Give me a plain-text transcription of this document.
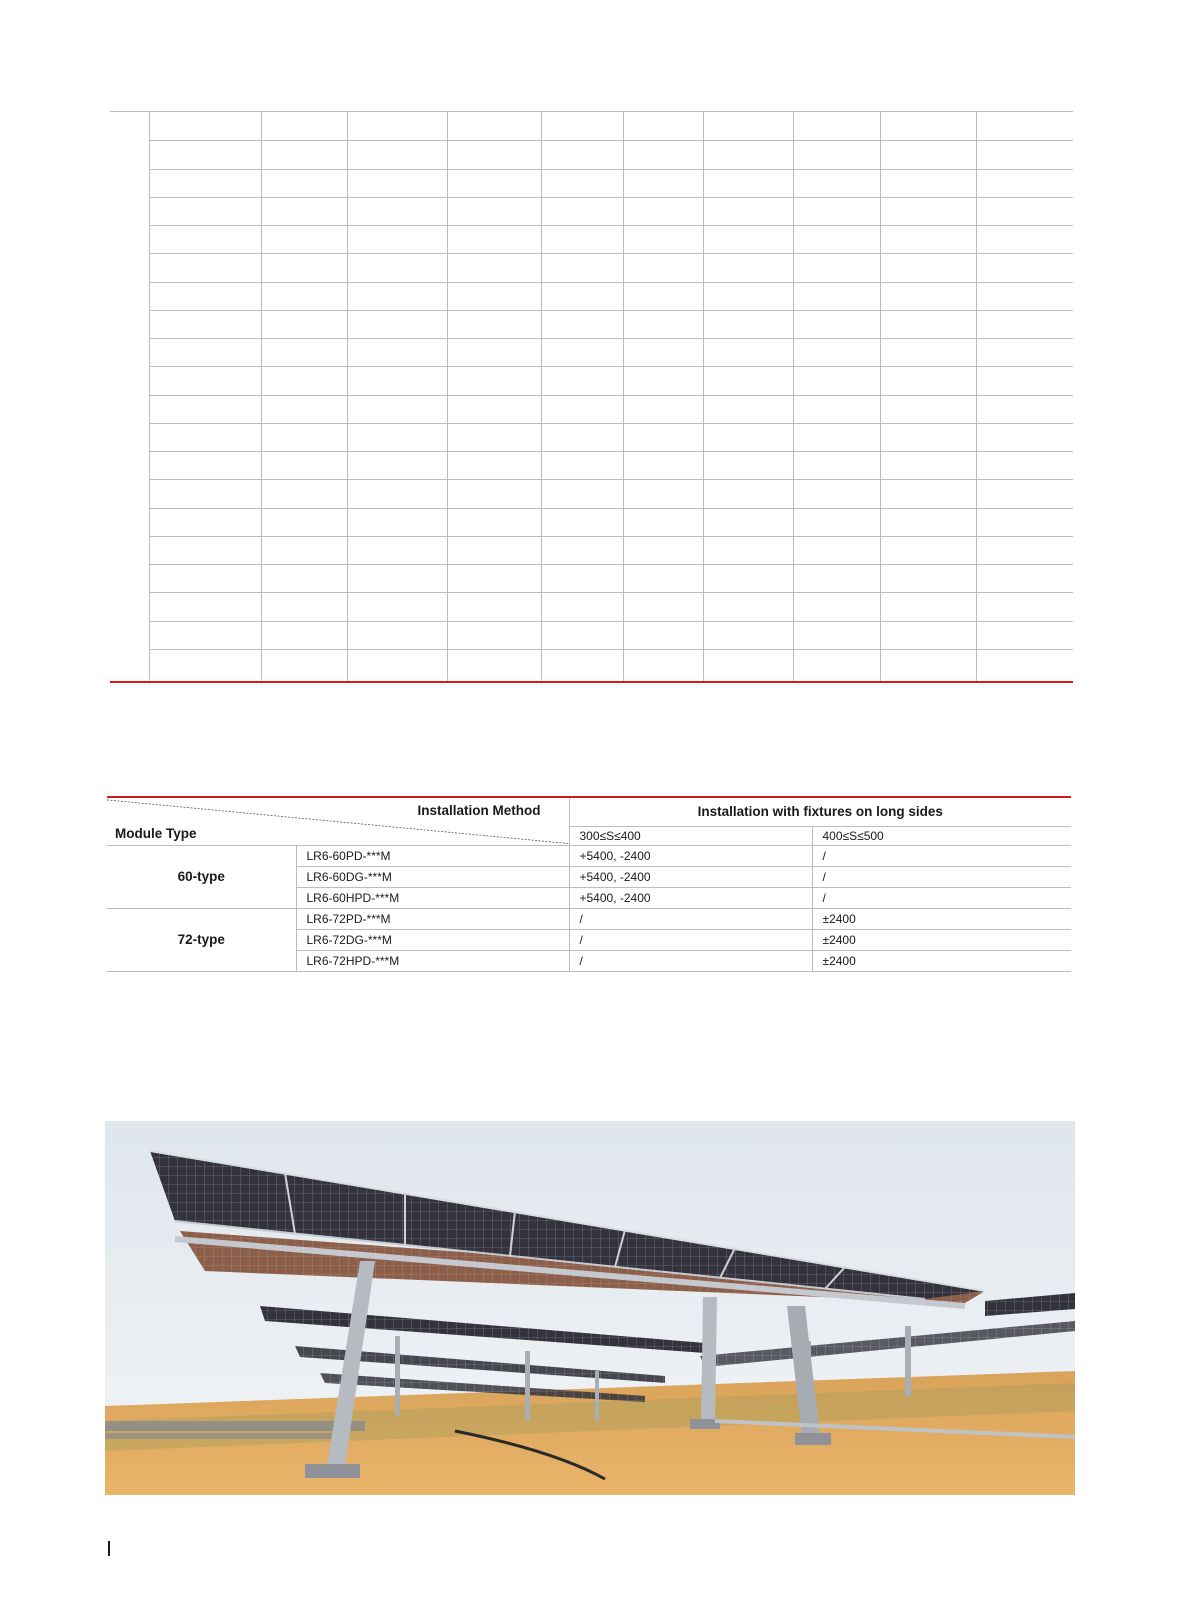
Installation Method
Module Type		Installation with fixtures on long sides	
		300≤S≤400	400≤S≤500
60-type	LR6-60PD-***M	+5400, -2400	/
	LR6-60DG-***M	+5400, -2400	/
	LR6-60HPD-***M	+5400, -2400	/
72-type	LR6-72PD-***M	/	±2400
	LR6-72DG-***M	/	±2400
	LR6-72HPD-***M	/	±2400
